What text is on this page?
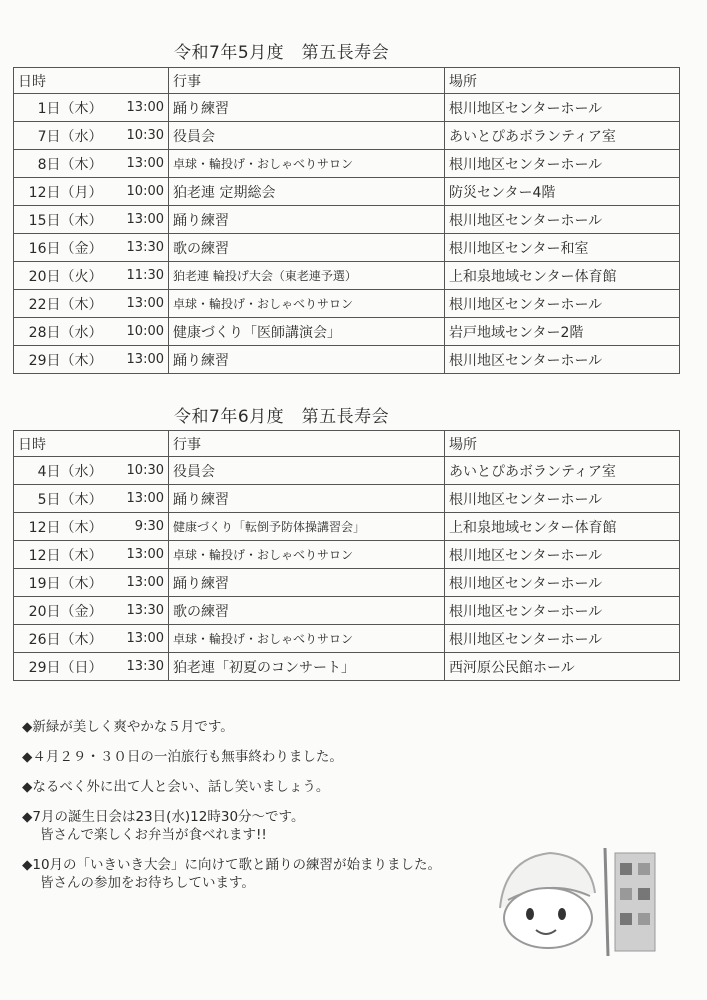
令和7年5月度　第五長寿会
日時		行事	場所
1日（木）	13:00	踊り練習	根川地区センターホール
7日（水）	10:30	役員会	あいとぴあボランティア室
8日（木）	13:00	卓球・輪投げ・おしゃべりサロン	根川地区センターホール
12日（月）	10:00	狛老連 定期総会	防災センター4階
15日（木）	13:00	踊り練習	根川地区センターホール
16日（金）	13:30	歌の練習	根川地区センター和室
20日（火）	11:30	狛老連 輪投げ大会（東老連予選）	上和泉地域センター体育館
22日（木）	13:00	卓球・輪投げ・おしゃべりサロン	根川地区センターホール
28日（水）	10:00	健康づくり「医師講演会」	岩戸地域センター2階
29日（木）	13:00	踊り練習	根川地区センターホール
令和7年6月度　第五長寿会
日時		行事	場所
4日（水）	10:30	役員会	あいとぴあボランティア室
5日（木）	13:00	踊り練習	根川地区センターホール
12日（木）	9:30	健康づくり「転倒予防体操講習会」	上和泉地域センター体育館
12日（木）	13:00	卓球・輪投げ・おしゃべりサロン	根川地区センターホール
19日（木）	13:00	踊り練習	根川地区センターホール
20日（金）	13:30	歌の練習	根川地区センターホール
26日（木）	13:00	卓球・輪投げ・おしゃべりサロン	根川地区センターホール
29日（日）	13:30	狛老連「初夏のコンサート」	西河原公民館ホール
◆新緑が美しく爽やかな５月です。
◆４月２９・３０日の一泊旅行も無事終わりました。
◆なるべく外に出て人と会い、話し笑いましょう。
◆7月の誕生日会は23日(水)12時30分～です。
皆さんで楽しくお弁当が食べれます!!
◆10月の「いきいき大会」に向けて歌と踊りの練習が始まりました。
皆さんの参加をお待ちしています。
